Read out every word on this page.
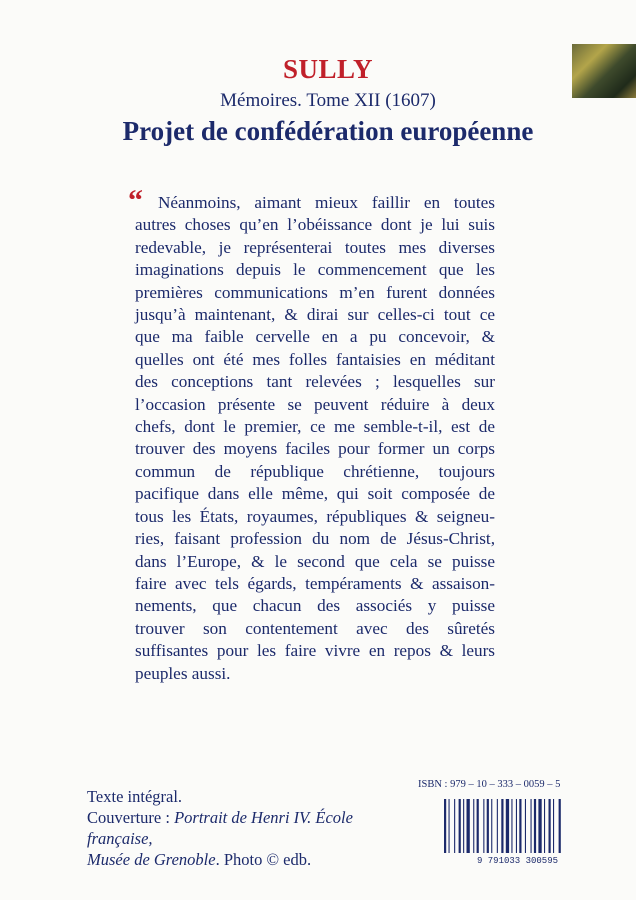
SULLY
Mémoires. Tome XII (1607)
Projet de confédération européenne
“ Néanmoins, aimant mieux faillir en toutes
autres choses qu’en l’obéissance dont je lui suis
redevable, je représenterai toutes mes diverses
imaginations depuis le commencement que les
premières communications m’en furent données
jusqu’à maintenant, & dirai sur celles-ci tout ce
que ma faible cervelle en a pu concevoir, &
quelles ont été mes folles fantaisies en méditant
des conceptions tant relevées ; lesquelles sur
l’occasion présente se peuvent réduire à deux
chefs, dont le premier, ce me semble-t-il, est de
trouver des moyens faciles pour former un corps
commun de république chrétienne, toujours
pacifique dans elle même, qui soit composée de
tous les États, royaumes, républiques & seigneu-
ries, faisant profession du nom de Jésus-Christ,
dans l’Europe, & le second que cela se puisse
faire avec tels égards, tempéraments & assaison-
nements, que chacun des associés y puisse
trouver son contentement avec des sûretés
suffisantes pour les faire vivre en repos & leurs
peuples aussi.
Texte intégral.
Couverture : Portrait de Henri IV. École française,
Musée de Grenoble. Photo © edb.
ISBN : 979 – 10 – 333 – 0059 – 5
9 791033 300595
